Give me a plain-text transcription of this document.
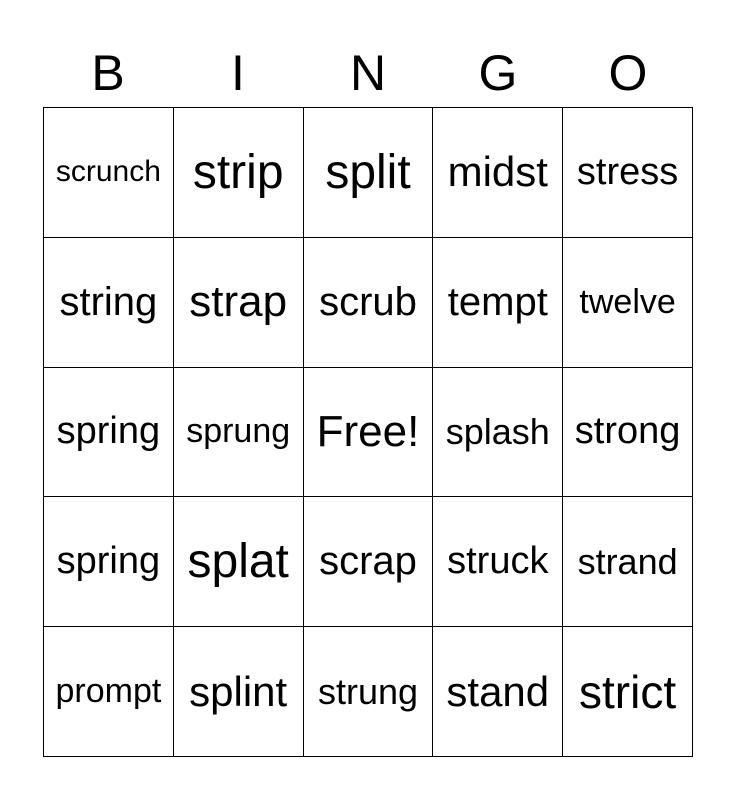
B	I	N	G	O
scrunch strip split midst stress
string strap scrub tempt twelve
spring sprung Free! splash strong
spring splat scrap struck strand
prompt splint strung stand strict
